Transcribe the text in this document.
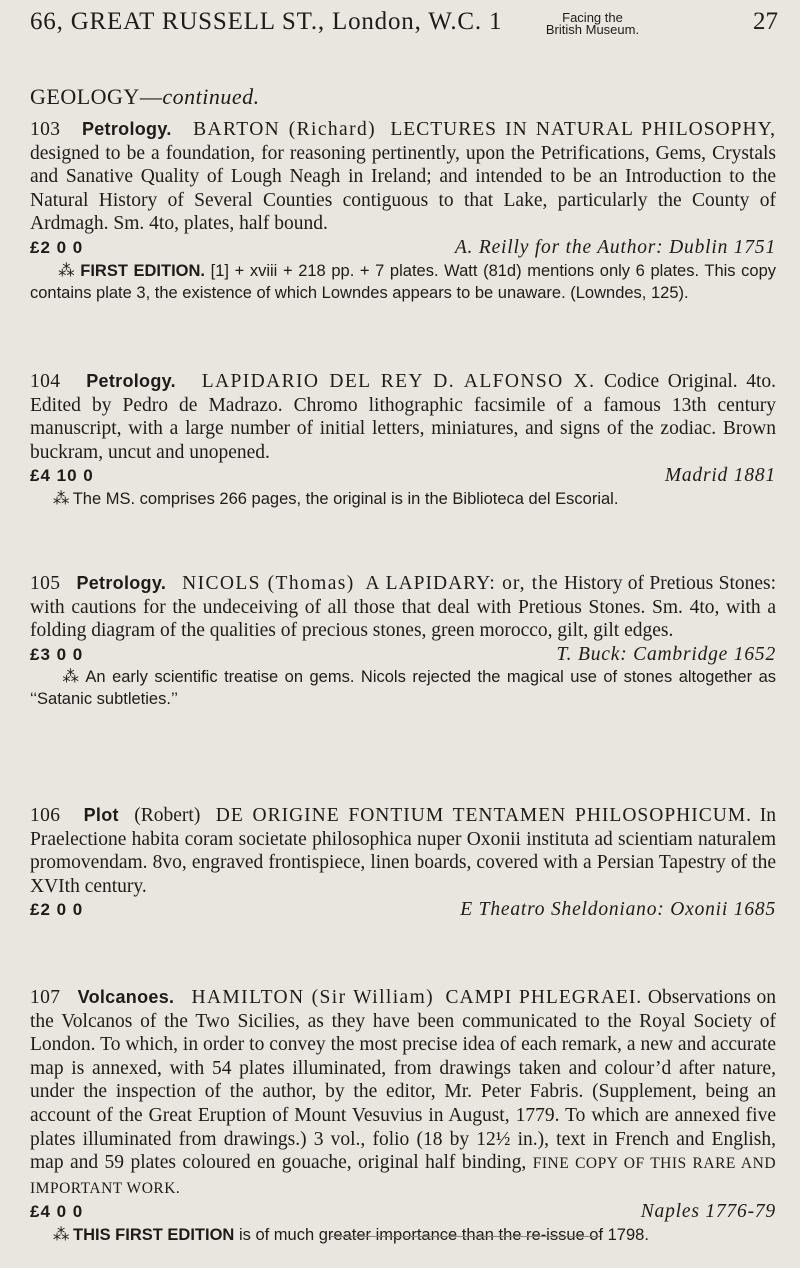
66, GREAT RUSSELL ST., London, W.C. 1	Facing the
British Museum.	27
GEOLOGY—continued.

103 Petrology. BARTON (Richard) LECTURES IN NATURAL PHILOSOPHY, designed to be a foundation, for reasoning pertinently, upon the Petrifications, Gems, Crystals and Sanative Quality of Lough Neagh in Ireland; and intended to be an Introduction to the Natural History of Several Counties contiguous to that Lake, particularly the County of Ardmagh. Sm. 4to, plates, half bound.

£2 0 0	A. Reilly for the Author: Dublin 1751

⁂ FIRST EDITION. [1] + xviii + 218 pp. + 7 plates. Watt (81d) mentions only 6 plates. This copy contains plate 3, the existence of which Lowndes appears to be unaware. (Lowndes, 125).

104 Petrology. LAPIDARIO DEL REY D. ALFONSO X. Codice Original. 4to. Edited by Pedro de Madrazo. Chromo lithographic facsimile of a famous 13th century manuscript, with a large number of initial letters, miniatures, and signs of the zodiac. Brown buckram, uncut and unopened.

£4 10 0	Madrid 1881

⁂ The MS. comprises 266 pages, the original is in the Biblioteca del Escorial.

105 Petrology. NICOLS (Thomas) A LAPIDARY: or, the History of Pretious Stones: with cautions for the undeceiving of all those that deal with Pretious Stones. Sm. 4to, with a folding diagram of the qualities of precious stones, green morocco, gilt, gilt edges.

£3 0 0	T. Buck: Cambridge 1652

⁂ An early scientific treatise on gems. Nicols rejected the magical use of stones altogether as ‘‘Satanic subtleties.’’

106 Plot (Robert) DE ORIGINE FONTIUM TENTAMEN PHILOSOPHICUM. In Praelectione habita coram societate philosophica nuper Oxonii instituta ad scientiam naturalem promovendam. 8vo, engraved frontispiece, linen boards, covered with a Persian Tapestry of the XVIth century.

£2 0 0	E Theatro Sheldoniano: Oxonii 1685

107 Volcanoes. HAMILTON (Sir William) CAMPI PHLEGRAEI. Observations on the Volcanos of the Two Sicilies, as they have been communicated to the Royal Society of London. To which, in order to convey the most precise idea of each remark, a new and accurate map is annexed, with 54 plates illuminated, from drawings taken and colour’d after nature, under the inspection of the author, by the editor, Mr. Peter Fabris. (Supplement, being an account of the Great Eruption of Mount Vesuvius in August, 1779. To which are annexed five plates illuminated from drawings.) 3 vol., folio (18 by 12½ in.), text in French and English, map and 59 plates coloured en gouache, original half binding, FINE COPY OF THIS RARE AND IMPORTANT WORK.

£4 0 0	Naples 1776-79

⁂ THIS FIRST EDITION is of much greater importance than the re-issue of 1798.
